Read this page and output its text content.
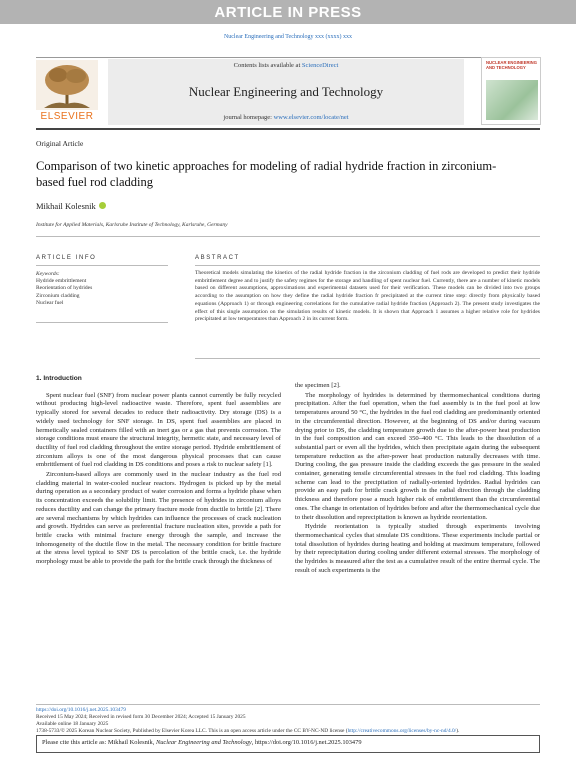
ARTICLE IN PRESS
Nuclear Engineering and Technology xxx (xxxx) xxx
ELSEVIER
Contents lists available at ScienceDirect
Nuclear Engineering and Technology
journal homepage: www.elsevier.com/locate/net
NUCLEAR ENGINEERING AND TECHNOLOGY
Original Article
Comparison of two kinetic approaches for modeling of radial hydride fraction in zirconium-based fuel rod cladding
Mikhail Kolesnik
Institute for Applied Materials, Karlsruhe Institute of Technology, Karlsruhe, Germany
ARTICLE INFO	ABSTRACT
Keywords:
Hydride embrittlement
Reorientation of hydrides
Zirconium cladding
Nuclear fuel
Theoretical models simulating the kinetics of the radial hydride fraction in the zirconium cladding of fuel rods are developed to predict their hydride embrittlement degree and to justify the safety regimes for the storage and handling of spent nuclear fuel. Currently, there are a number of kinetic models based on different assumptions, approximations and experimental datasets used for their verification. These models can be divided into two groups according to the assumption on how they define the radial hydride fraction fr precipitated at the current time step: directly from physically based equations (Approach 1) or through engineering correlations for the cumulative radial hydride fraction (Approach 2). The present study investigates the effect of this single assumption on the simulation results of kinetic models. It is shown that Approach 1 assumes a higher relative role for hydrides precipitated at low temperatures than Approach 2 in its current form.
1. Introduction

Spent nuclear fuel (SNF) from nuclear power plants cannot currently be fully recycled without producing high-level radioactive waste. Therefore, spent fuel assemblies are typically stored for several decades to reduce their radioactivity. Dry storage (DS) is a widely used technology for SNF storage. In DS, spent fuel assemblies are placed in hermetically sealed containers filled with an inert gas or a gas that prevents corrosion. The storage conditions must ensure the structural integrity, hermetic state, and necessary level of ductility of fuel rod cladding throughout the entire storage period. Hydride embrittlement of zirconium alloys is one of the most dangerous physical processes that can cause embrittlement of fuel rod cladding in DS conditions and poses a risk to nuclear safety [1].

Zirconium-based alloys are commonly used in the nuclear industry as the fuel rod cladding material in water-cooled nuclear reactors. Hydrogen is picked up by the metal during operation as a secondary product of water corrosion and forms a hydride phase when its concentration exceeds the solubility limit. The presence of hydrides in zirconium alloys reduces ductility and can change the primary fracture mode from ductile to brittle [2]. There are several mechanisms by which hydrides can influence the processes of crack nucleation and growth. Hydrides can serve as preferential fracture nucleation sites, provide a path for brittle cracks with minimal fracture energy through the sample, and increase the inhomogeneity of the ductile flow in the metal. The necessary condition for brittle fracture at the stress level typical to SNF DS is percolation of the brittle crack, i.e. the hydride morphology must be able to provide the path for the brittle crack through the thickness of

the specimen [2].

The morphology of hydrides is determined by thermomechanical conditions during precipitation. After the fuel operation, when the fuel assembly is in the fuel pool at low temperatures around 50 °C, the hydrides in the fuel rod cladding are predominantly oriented in the circumferential direction. However, at the beginning of DS and/or during vacuum drying prior to DS, the cladding temperature growth due to the after-power heat production in the fuel composition and can exceed 350–400 °C. This leads to the dissolution of a substantial part or even all the hydrides, which then precipitate again during the subsequent temperature reduction as the after-power heat production naturally decreases with time. During cooling, the gas pressure inside the cladding exceeds the gas pressure in the sealed container, generating tensile circumferential stresses in the fuel rod cladding. This loading scheme can lead to the precipitation of radially-oriented hydrides. Radial hydrides can provide an easy path for brittle crack growth in the radial direction through the cladding thickness and therefore pose a much higher risk of embrittlement than the circumferential ones. The change in orientation of hydrides before and after the thermomechanical cycle due to their dissolution and reprecipitation is known as hydride reorientation.

Hydride reorientation is typically studied through experiments involving thermomechanical cycles that simulate DS conditions. These experiments include partial or total dissolution of hydrides during heating and holding at maximum temperature, followed by their reprecipitation during cooling under different external stresses. The morphology of the hydrides is measured after the test as a cumulative result of the entire thermal cycle. The result of such experiments is the

https://doi.org/10.1016/j.net.2025.103479
Received 15 May 2024; Received in revised form 30 December 2024; Accepted 15 January 2025
Available online 18 January 2025
1738-5733/© 2025 Korean Nuclear Society, Published by Elsevier Korea LLC. This is an open access article under the CC BY-NC-ND license (http://creativecommons.org/licenses/by-nc-nd/4.0/).
Please cite this article as: Mikhail Kolesnik, Nuclear Engineering and Technology, https://doi.org/10.1016/j.net.2025.103479
